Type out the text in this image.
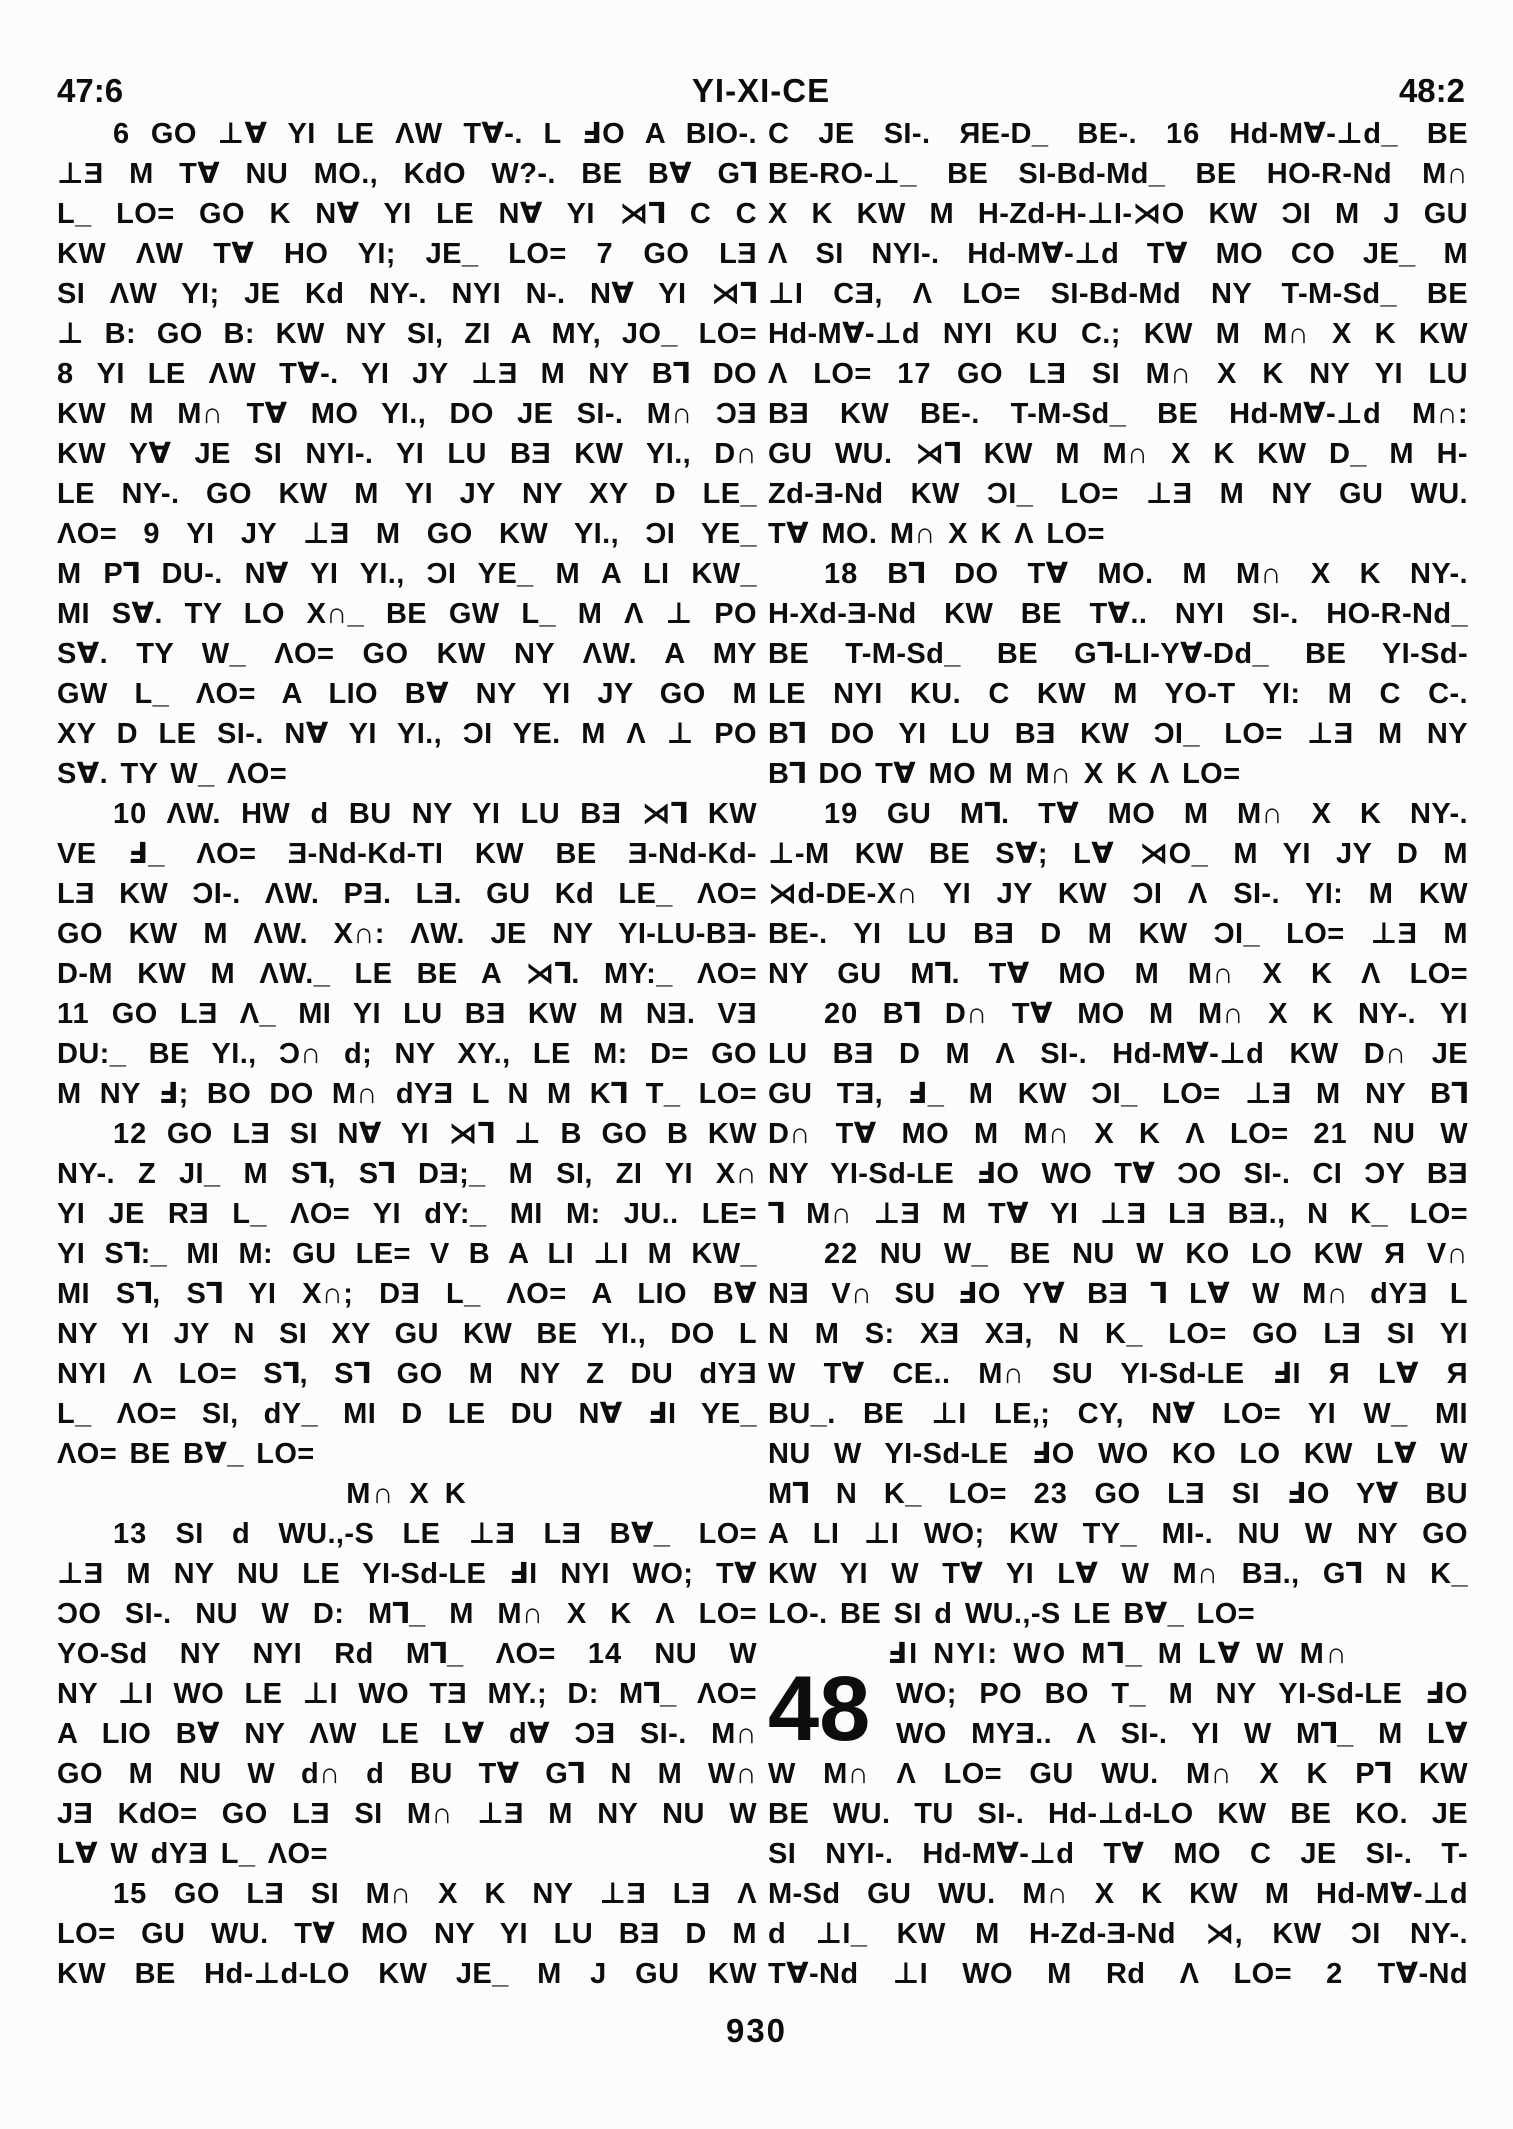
47:6	YI-XI-CE	48:2
6 GO ⊥∀ YI LE ΛW T∀-. L ℲO A BIO-.
⊥Ǝ M T∀ NU MO., KdO W?-. BE B∀ G⅂
L_ LO= GO K N∀ YI LE N∀ YI ⋊⅂ C C
KW ΛW T∀ HO YI; JE_ LO= 7 GO LƎ
SI ΛW YI; JE Kd NY-. NYI N-. N∀ YI ⋊⅂
⊥ B: GO B: KW NY SI, ZI A MY, JO_ LO=
8 YI LE ΛW T∀-. YI JY ⊥Ǝ M NY B⅂ DO
KW M M∩ T∀ MO YI., DO JE SI-. M∩ ƆƎ
KW Y∀ JE SI NYI-. YI LU BƎ KW YI., D∩
LE NY-. GO KW M YI JY NY XY D LE_
ΛO= 9 YI JY ⊥Ǝ M GO KW YI., ƆI YE_
M P⅂ DU-. N∀ YI YI., ƆI YE_ M A LI KW_
MI S∀. TY LO X∩_ BE GW L_ M Λ ⊥ PO
S∀. TY W_ ΛO= GO KW NY ΛW. A MY
GW L_ ΛO= A LIO B∀ NY YI JY GO M
XY D LE SI-. N∀ YI YI., ƆI YE. M Λ ⊥ PO
S∀. TY W_ ΛO=
10 ΛW. HW d BU NY YI LU BƎ ⋊⅂ KW
VE Ⅎ_ ΛO= Ǝ-Nd-Kd-TI KW BE Ǝ-Nd-Kd-
LƎ KW ƆI-. ΛW. PƎ. LƎ. GU Kd LE_ ΛO=
GO KW M ΛW. X∩: ΛW. JE NY YI-LU-BƎ-
D-M KW M ΛW._ LE BE A ⋊⅂. MY:_ ΛO=
11 GO LƎ Λ_ MI YI LU BƎ KW M NƎ. VƎ
DU:_ BE YI., Ɔ∩ d; NY XY., LE M: D= GO
M NY Ⅎ; BO DO M∩ dYƎ L N M K⅂ T_ LO=
12 GO LƎ SI N∀ YI ⋊⅂ ⊥ B GO B KW
NY-. Z JI_ M S⅂, S⅂ DƎ;_ M SI, ZI YI X∩
YI JE RƎ L_ ΛO= YI dY:_ MI M: JU.. LE=
YI S⅂:_ MI M: GU LE= V B A LI ⊥I M KW_
MI S⅂, S⅂ YI X∩; DƎ L_ ΛO= A LIO B∀
NY YI JY N SI XY GU KW BE YI., DO L
NYI Λ LO= S⅂, S⅂ GO M NY Z DU dYƎ
L_ ΛO= SI, dY_ MI D LE DU N∀ ℲI YE_
ΛO= BE B∀_ LO=
M∩ X K
13 SI d WU.,-S LE ⊥Ǝ LƎ B∀_ LO=
⊥Ǝ M NY NU LE YI-Sd-LE ℲI NYI WO; T∀
ƆO SI-. NU W D: M⅂_ M M∩ X K Λ LO=
YO-Sd NY NYI Rd M⅂_ ΛO= 14 NU W
NY ⊥I WO LE ⊥I WO TƎ MY.; D: M⅂_ ΛO=
A LIO B∀ NY ΛW LE L∀ d∀ ƆƎ SI-. M∩
GO M NU W d∩ d BU T∀ G⅂ N M W∩
JƎ KdO= GO LƎ SI M∩ ⊥Ǝ M NY NU W
L∀ W dYƎ L_ ΛO=
15 GO LƎ SI M∩ X K NY ⊥Ǝ LƎ Λ
LO= GU WU. T∀ MO NY YI LU BƎ D M
KW BE Hd-⊥d-LO KW JE_ M J GU KW
C JE SI-. ЯE-D_ BE-. 16 Hd-M∀-⊥d_ BE
BE-RO-⊥_ BE SI-Bd-Md_ BE HO-R-Nd M∩
X K KW M H-Zd-H-⊥I-⋊O KW ƆI M J GU
Λ SI NYI-. Hd-M∀-⊥d T∀ MO CO JE_ M
⊥I CƎ, Λ LO= SI-Bd-Md NY T-M-Sd_ BE
Hd-M∀-⊥d NYI KU C.; KW M M∩ X K KW
Λ LO= 17 GO LƎ SI M∩ X K NY YI LU
BƎ KW BE-. T-M-Sd_ BE Hd-M∀-⊥d M∩:
GU WU. ⋊⅂ KW M M∩ X K KW D_ M H-
Zd-Ǝ-Nd KW ƆI_ LO= ⊥Ǝ M NY GU WU.
T∀ MO. M∩ X K Λ LO=
18 B⅂ DO T∀ MO. M M∩ X K NY-.
H-Xd-Ǝ-Nd KW BE T∀.. NYI SI-. HO-R-Nd_
BE T-M-Sd_ BE G⅂-LI-Y∀-Dd_ BE YI-Sd-
LE NYI KU. C KW M YO-T YI: M C C-.
B⅂ DO YI LU BƎ KW ƆI_ LO= ⊥Ǝ M NY
B⅂ DO T∀ MO M M∩ X K Λ LO=
19 GU M⅂. T∀ MO M M∩ X K NY-.
⊥-M KW BE S∀; L∀ ⋊O_ M YI JY D M
⋊d-DE-X∩ YI JY KW ƆI Λ SI-. YI: M KW
BE-. YI LU BƎ D M KW ƆI_ LO= ⊥Ǝ M
NY GU M⅂. T∀ MO M M∩ X K Λ LO=
20 B⅂ D∩ T∀ MO M M∩ X K NY-. YI
LU BƎ D M Λ SI-. Hd-M∀-⊥d KW D∩ JE
GU TƎ, Ⅎ_ M KW ƆI_ LO= ⊥Ǝ M NY B⅂
D∩ T∀ MO M M∩ X K Λ LO= 21 NU W
NY YI-Sd-LE ℲO WO T∀ ƆO SI-. CI ƆY BƎ
⅂ M∩ ⊥Ǝ M T∀ YI ⊥Ǝ LƎ BƎ., N K_ LO=
22 NU W_ BE NU W KO LO KW Я V∩
NƎ V∩ SU ℲO Y∀ BƎ ⅂ L∀ W M∩ dYƎ L
N M S: XƎ XƎ, N K_ LO= GO LƎ SI YI
W T∀ CE.. M∩ SU YI-Sd-LE ℲI Я L∀ Я
BU_. BE ⊥I LE,; CY, N∀ LO= YI W_ MI
NU W YI-Sd-LE ℲO WO KO LO KW L∀ W
M⅂ N K_ LO= 23 GO LƎ SI ℲO Y∀ BU
A LI ⊥I WO; KW TY_ MI-. NU W NY GO
KW YI W T∀ YI L∀ W M∩ BƎ., G⅂ N K_
LO-. BE SI d WU.,-S LE B∀_ LO=
ℲI NYI: WO M⅂_ M L∀ W M∩
WO; PO BO T_ M NY YI-Sd-LE ℲO
WO MYƎ.. Λ SI-. YI W M⅂_ M L∀
W M∩ Λ LO= GU WU. M∩ X K P⅂ KW
BE WU. TU SI-. Hd-⊥d-LO KW BE KO. JE
SI NYI-. Hd-M∀-⊥d T∀ MO C JE SI-. T-
M-Sd GU WU. M∩ X K KW M Hd-M∀-⊥d
d ⊥I_ KW M H-Zd-Ǝ-Nd ⋊, KW ƆI NY-.
T∀-Nd ⊥I WO M Rd Λ LO= 2 T∀-Nd
48
930
